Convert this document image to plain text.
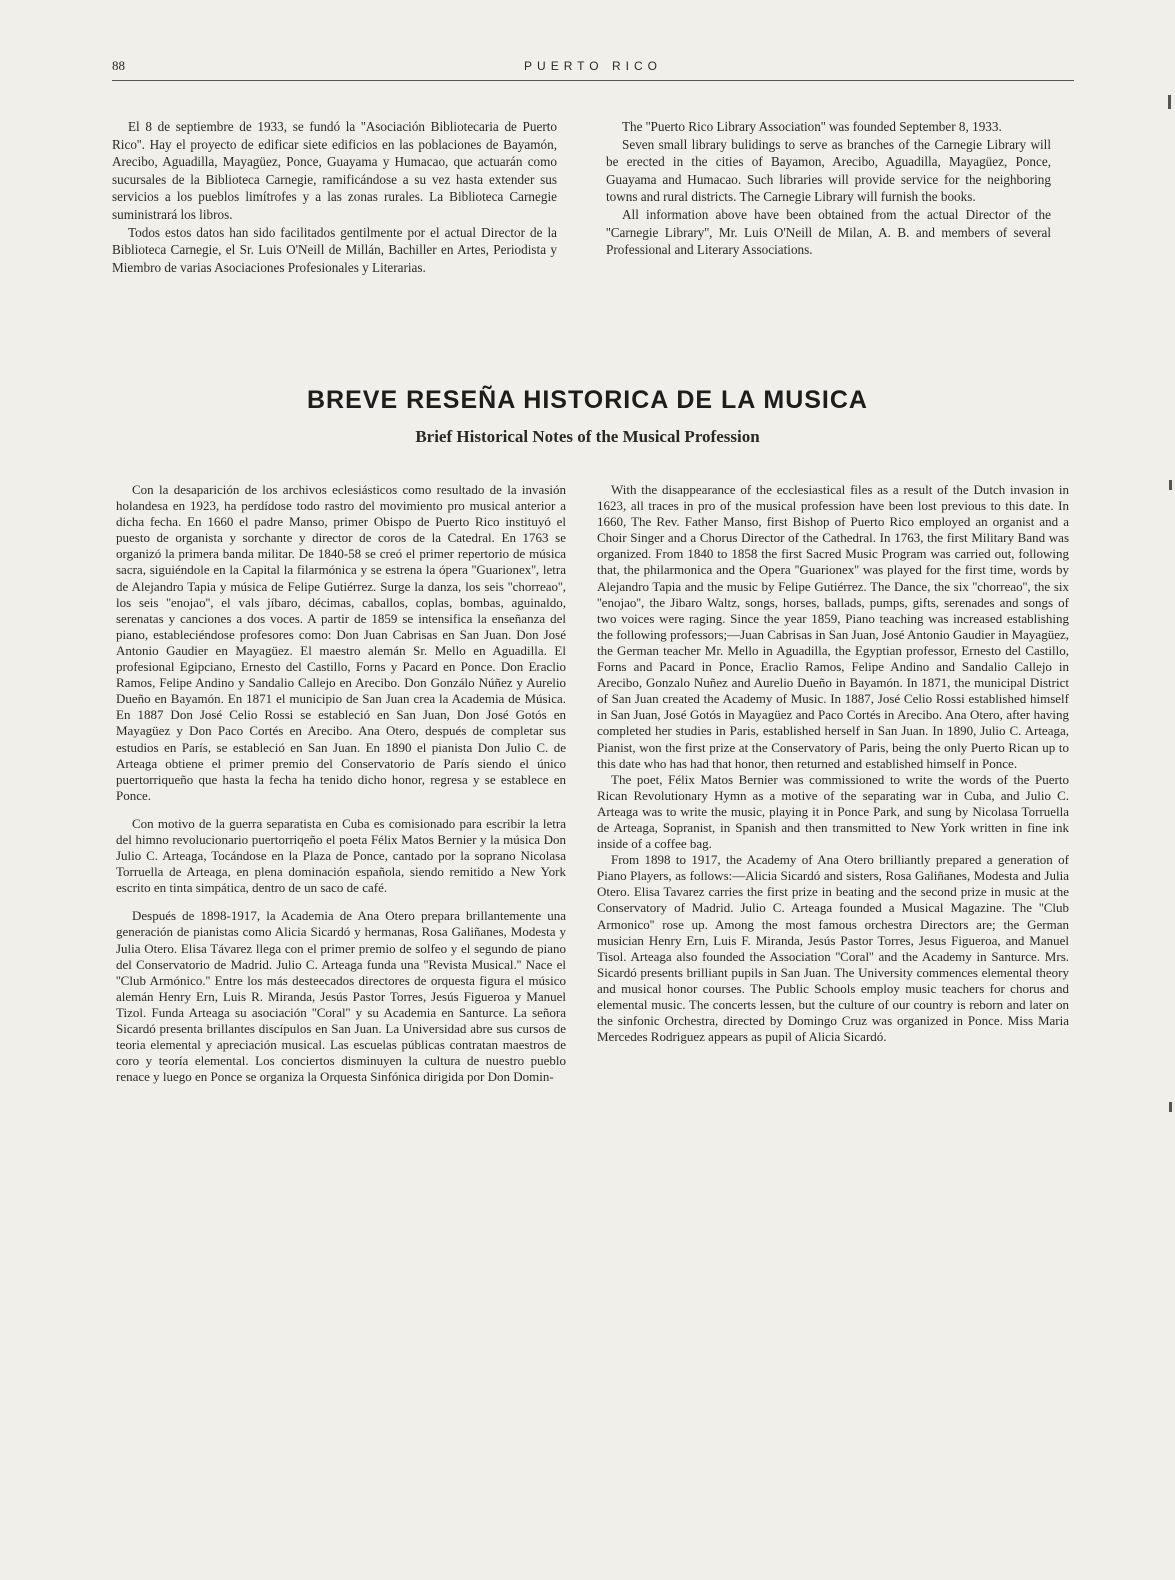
88	PUERTO RICO

El 8 de septiembre de 1933, se fundó la ''Asociación Bibliotecaria de Puerto Rico''. Hay el proyecto de edificar siete edificios en las poblaciones de Bayamón, Arecibo, Aguadilla, Mayagüez, Ponce, Guayama y Humacao, que actuarán como sucursales de la Biblioteca Carnegie, ramificándose a su vez hasta extender sus servicios a los pueblos limítrofes y a las zonas rurales. La Biblioteca Carnegie suministrará los libros.

Todos estos datos han sido facilitados gentilmente por el actual Director de la Biblioteca Carnegie, el Sr. Luis O'Neill de Millán, Bachiller en Artes, Periodista y Miembro de varias Asociaciones Profesionales y Literarias.

The ''Puerto Rico Library Association'' was founded September 8, 1933.

Seven small library bulidings to serve as branches of the Carnegie Library will be erected in the cities of Bayamon, Arecibo, Aguadilla, Mayagüez, Ponce, Guayama and Humacao. Such libraries will provide service for the neighboring towns and rural districts. The Carnegie Library will furnish the books.

All information above have been obtained from the actual Director of the ''Carnegie Library'', Mr. Luis O'Neill de Milan, A. B. and members of several Professional and Literary Associations.

BREVE RESEÑA HISTORICA DE LA MUSICA
Brief Historical Notes of the Musical Profession

Con la desaparición de los archivos eclesiásticos como resultado de la invasión holandesa en 1923, ha perdídose todo rastro del movimiento pro musical anterior a dicha fecha. En 1660 el padre Manso, primer Obispo de Puerto Rico instituyó el puesto de organista y sorchante y director de coros de la Catedral. En 1763 se organizó la primera banda militar. De 1840-58 se creó el primer repertorio de música sacra, siguiéndole en la Capital la filarmónica y se estrena la ópera ''Guarionex'', letra de Alejandro Tapia y música de Felipe Gutiérrez. Surge la danza, los seis ''chorreao'', los seis ''enojao'', el vals jíbaro, décimas, caballos, coplas, bombas, aguinaldo, serenatas y canciones a dos voces. A partir de 1859 se intensifica la enseñanza del piano, estableciéndose profesores como: Don Juan Cabrisas en San Juan. Don José Antonio Gaudier en Mayagüez. El maestro alemán Sr. Mello en Aguadilla. El profesional Egipciano, Ernesto del Castillo, Forns y Pacard en Ponce. Don Eraclio Ramos, Felipe Andino y Sandalio Callejo en Arecibo. Don Gonzálo Núñez y Aurelio Dueño en Bayamón. En 1871 el municipio de San Juan crea la Academia de Música. En 1887 Don José Celio Rossi se estableció en San Juan, Don José Gotós en Mayagüez y Don Paco Cortés en Arecibo. Ana Otero, después de completar sus estudios en París, se estableció en San Juan. En 1890 el pianista Don Julio C. de Arteaga obtiene el primer premio del Conservatorio de París siendo el único puertorriqueño que hasta la fecha ha tenido dicho honor, regresa y se establece en Ponce.

Con motivo de la guerra separatista en Cuba es comisionado para escribir la letra del himno revolucionario puertorriqeño el poeta Félix Matos Bernier y la música Don Julio C. Arteaga, Tocándose en la Plaza de Ponce, cantado por la soprano Nicolasa Torruella de Arteaga, en plena dominación española, siendo remitido a New York escrito en tinta simpática, dentro de un saco de café.

Después de 1898-1917, la Academia de Ana Otero prepara brillantemente una generación de pianistas como Alicia Sicardó y hermanas, Rosa Galiñanes, Modesta y Julia Otero. Elisa Távarez llega con el primer premio de solfeo y el segundo de piano del Conservatorio de Madrid. Julio C. Arteaga funda una ''Revista Musical.'' Nace el ''Club Armónico.'' Entre los más desteecados directores de orquesta figura el músico alemán Henry Ern, Luis R. Miranda, Jesús Pastor Torres, Jesús Figueroa y Manuel Tizol. Funda Arteaga su asociación ''Coral'' y su Academia en Santurce. La señora Sicardó presenta brillantes discípulos en San Juan. La Universidad abre sus cursos de teoria elemental y apreciación musical. Las escuelas públicas contratan maestros de coro y teoría elemental. Los conciertos disminuyen la cultura de nuestro pueblo renace y luego en Ponce se organiza la Orquesta Sinfónica dirigida por Don Domin-

With the disappearance of the ecclesiastical files as a result of the Dutch invasion in 1623, all traces in pro of the musical profession have been lost previous to this date. In 1660, The Rev. Father Manso, first Bishop of Puerto Rico employed an organist and a Choir Singer and a Chorus Director of the Cathedral. In 1763, the first Military Band was organized. From 1840 to 1858 the first Sacred Music Program was carried out, following that, the philarmonica and the Opera ''Guarionex'' was played for the first time, words by Alejandro Tapia and the music by Felipe Gutiérrez. The Dance, the six ''chorreao'', the six ''enojao'', the Jibaro Waltz, songs, horses, ballads, pumps, gifts, serenades and songs of two voices were raging. Since the year 1859, Piano teaching was increased establishing the following professors;—Juan Cabrisas in San Juan, José Antonio Gaudier in Mayagüez, the German teacher Mr. Mello in Aguadilla, the Egyptian professor, Ernesto del Castillo, Forns and Pacard in Ponce, Eraclio Ramos, Felipe Andino and Sandalio Callejo in Arecibo, Gonzalo Nuñez and Aurelio Dueño in Bayamón. In 1871, the municipal District of San Juan created the Academy of Music. In 1887, José Celio Rossi established himself in San Juan, José Gotós in Mayagüez and Paco Cortés in Arecibo. Ana Otero, after having completed her studies in Paris, established herself in San Juan. In 1890, Julio C. Arteaga, Pianist, won the first prize at the Conservatory of Paris, being the only Puerto Rican up to this date who has had that honor, then returned and established himself in Ponce.

The poet, Félix Matos Bernier was commissioned to write the words of the Puerto Rican Revolutionary Hymn as a motive of the separating war in Cuba, and Julio C. Arteaga was to write the music, playing it in Ponce Park, and sung by Nicolasa Torruella de Arteaga, Sopranist, in Spanish and then transmitted to New York written in fine ink inside of a coffee bag.

From 1898 to 1917, the Academy of Ana Otero brilliantly prepared a generation of Piano Players, as follows:—Alicia Sicardó and sisters, Rosa Galiñanes, Modesta and Julia Otero. Elisa Tavarez carries the first prize in beating and the second prize in music at the Conservatory of Madrid. Julio C. Arteaga founded a Musical Magazine. The ''Club Armonico'' rose up. Among the most famous orchestra Directors are; the German musician Henry Ern, Luis F. Miranda, Jesús Pastor Torres, Jesus Figueroa, and Manuel Tisol. Arteaga also founded the Association ''Coral'' and the Academy in Santurce. Mrs. Sicardó presents brilliant pupils in San Juan. The University commences elemental theory and musical honor courses. The Public Schools employ music teachers for chorus and elemental music. The concerts lessen, but the culture of our country is reborn and later on the sinfonic Orchestra, directed by Domingo Cruz was organized in Ponce. Miss Maria Mercedes Rodriguez appears as pupil of Alicia Sicardó.
